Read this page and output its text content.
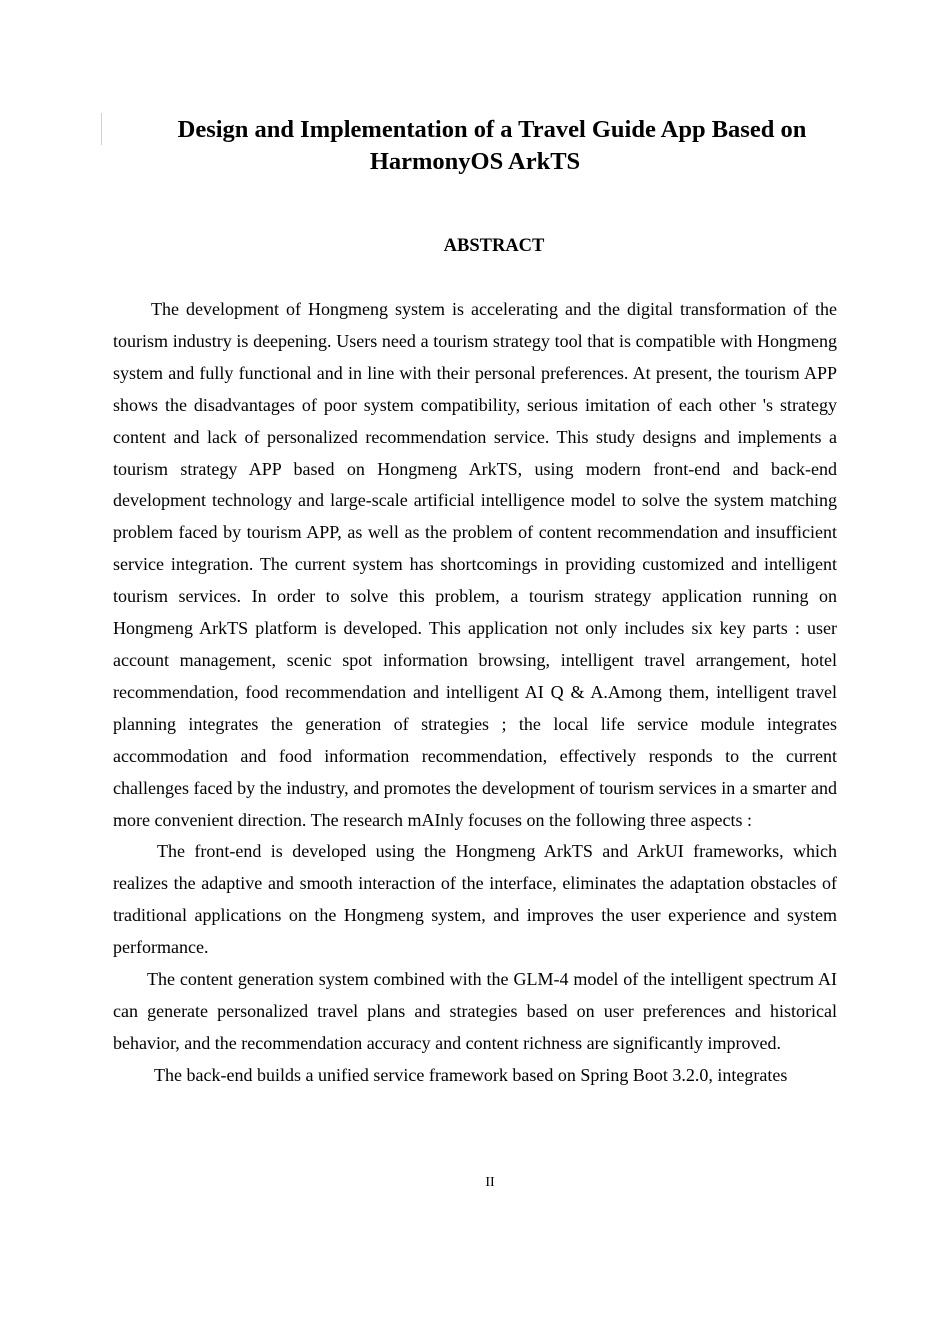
Design and Implementation of a Travel Guide App Based on
HarmonyOS ArkTS
ABSTRACT

The development of Hongmeng system is accelerating and the digital transformation of the tourism industry is deepening. Users need a tourism strategy tool that is compatible with Hongmeng system and fully functional and in line with their personal preferences. At present, the tourism APP shows the disadvantages of poor system compatibility, serious imitation of each other 's strategy content and lack of personalized recommendation service. This study designs and implements a tourism strategy APP based on Hongmeng ArkTS, using modern front-end and back-end development technology and large-scale artificial intelligence model to solve the system matching problem faced by tourism APP, as well as the problem of content recommendation and insufficient service integration. The current system has shortcomings in providing customized and intelligent tourism services. In order to solve this problem, a tourism strategy application running on Hongmeng ArkTS platform is developed. This application not only includes six key parts : user account management, scenic spot information browsing, intelligent travel arrangement, hotel recommendation, food recommendation and intelligent AI Q & A.Among them, intelligent travel planning integrates the generation of strategies ; the local life service module integrates accommodation and food information recommendation, effectively responds to the current challenges faced by the industry, and promotes the development of tourism services in a smarter and more convenient direction. The research mAInly focuses on the following three aspects :

The front-end is developed using the Hongmeng ArkTS and ArkUI frameworks, which realizes the adaptive and smooth interaction of the interface, eliminates the adaptation obstacles of traditional applications on the Hongmeng system, and improves the user experience and system performance.

The content generation system combined with the GLM-4 model of the intelligent spectrum AI can generate personalized travel plans and strategies based on user preferences and historical behavior, and the recommendation accuracy and content richness are significantly improved.

The back-end builds a unified service framework based on Spring Boot 3.2.0, integrates

II
